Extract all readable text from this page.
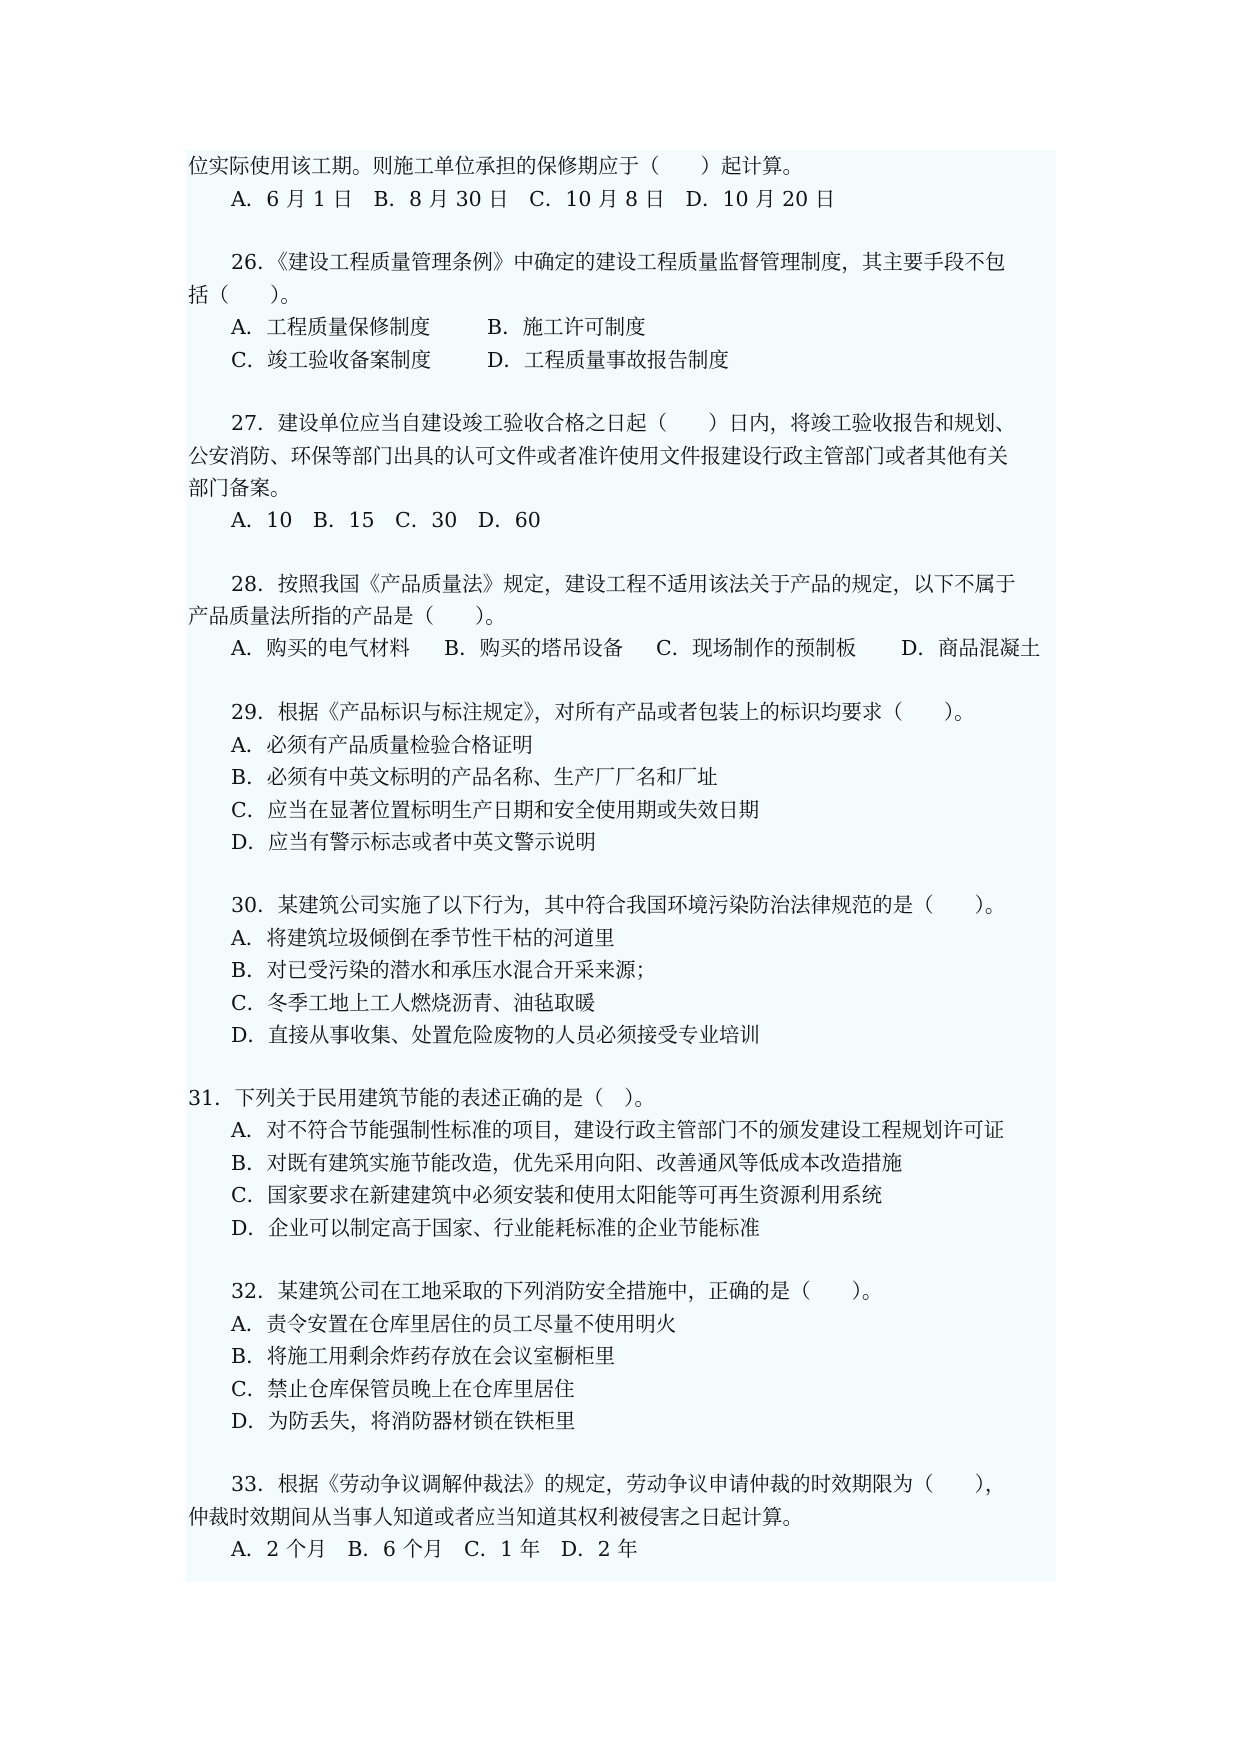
位实际使用该工期。则施工单位承担的保修期应于（　　）起计算。
A．6 月 1 日　B．8 月 30 日　C．10 月 8 日　D．10 月 20 日
26．《建设工程质量管理条例》中确定的建设工程质量监督管理制度，其主要手段不包
括（　　）。
A．工程质量保修制度	B．施工许可制度
C．竣工验收备案制度	D．工程质量事故报告制度
27．建设单位应当自建设竣工验收合格之日起（　　）日内，将竣工验收报告和规划、
公安消防、环保等部门出具的认可文件或者准许使用文件报建设行政主管部门或者其他有关
部门备案。
A．10　B．15　C．30　D．60
28．按照我国《产品质量法》规定，建设工程不适用该法关于产品的规定，以下不属于
产品质量法所指的产品是（　　）。
A．购买的电气材料 B．购买的塔吊设备 C．现场制作的预制板 D．商品混凝土
29．根据《产品标识与标注规定》，对所有产品或者包装上的标识均要求（　　）。
A．必须有产品质量检验合格证明
B．必须有中英文标明的产品名称、生产厂厂名和厂址
C．应当在显著位置标明生产日期和安全使用期或失效日期
D．应当有警示标志或者中英文警示说明
30．某建筑公司实施了以下行为，其中符合我国环境污染防治法律规范的是（　　）。
A．将建筑垃圾倾倒在季节性干枯的河道里
B．对已受污染的潜水和承压水混合开采来源；
C．冬季工地上工人燃烧沥青、油毡取暖
D．直接从事收集、处置危险废物的人员必须接受专业培训
31．下列关于民用建筑节能的表述正确的是（　）。
A．对不符合节能强制性标准的项目，建设行政主管部门不的颁发建设工程规划许可证
B．对既有建筑实施节能改造，优先采用向阳、改善通风等低成本改造措施
C．国家要求在新建建筑中必须安装和使用太阳能等可再生资源利用系统
D．企业可以制定高于国家、行业能耗标准的企业节能标准
32．某建筑公司在工地采取的下列消防安全措施中，正确的是（　　）。
A．责令安置在仓库里居住的员工尽量不使用明火
B．将施工用剩余炸药存放在会议室橱柜里
C．禁止仓库保管员晚上在仓库里居住
D．为防丢失，将消防器材锁在铁柜里
33．根据《劳动争议调解仲裁法》的规定，劳动争议申请仲裁的时效期限为（　　），
仲裁时效期间从当事人知道或者应当知道其权利被侵害之日起计算。
A．2 个月　B．6 个月　C．1 年　D．2 年
